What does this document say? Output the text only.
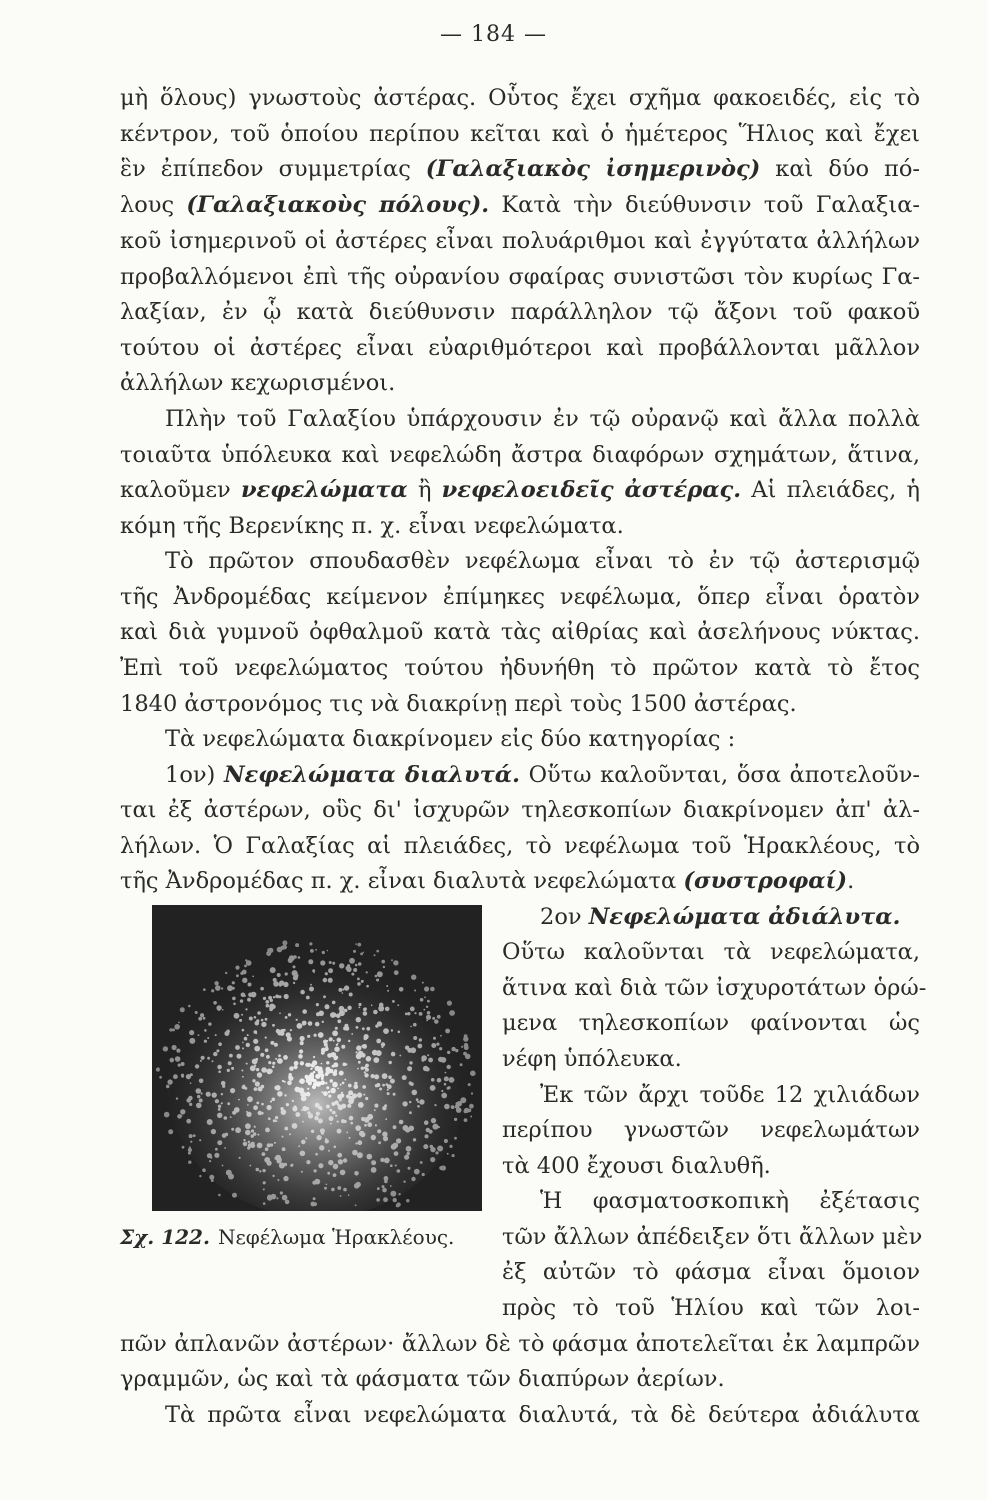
— 184 —
μὴ ὅλους) γνωστοὺς ἀστέρας. Οὗτος ἔχει σχῆμα φακοειδές, εἰς τὸ
κέντρον, τοῦ ὁποίου περίπου κεῖται καὶ ὁ ἡμέτερος Ἥλιος καὶ ἔχει
ἓν ἐπίπεδον συμμετρίας (Γαλαξιακὸς ἰσημερινὸς) καὶ δύο πό-
λους (Γαλαξιακοὺς πόλους). Κατὰ τὴν διεύθυνσιν τοῦ Γαλαξια-
κοῦ ἰσημερινοῦ οἱ ἀστέρες εἶναι πολυάριθμοι καὶ ἐγγύτατα ἀλλήλων
προβαλλόμενοι ἐπὶ τῆς οὐρανίου σφαίρας συνιστῶσι τὸν κυρίως Γα-
λαξίαν, ἐν ᾧ κατὰ διεύθυνσιν παράλληλον τῷ ἄξονι τοῦ φακοῦ
τούτου οἱ ἀστέρες εἶναι εὐαριθμότεροι καὶ προβάλλονται μᾶλλον
ἀλλήλων κεχωρισμένοι.
Πλὴν τοῦ Γαλαξίου ὑπάρχουσιν ἐν τῷ οὐρανῷ καὶ ἄλλα πολλὰ
τοιαῦτα ὑπόλευκα καὶ νεφελώδη ἄστρα διαφόρων σχημάτων, ἅτινα,
καλοῦμεν νεφελώματα ἢ νεφελοειδεῖς ἀστέρας. Αἱ πλειάδες, ἡ
κόμη τῆς Βερενίκης π. χ. εἶναι νεφελώματα.
Τὸ πρῶτον σπουδασθὲν νεφέλωμα εἶναι τὸ ἐν τῷ ἀστερισμῷ
τῆς Ἀνδρομέδας κείμενον ἐπίμηκες νεφέλωμα, ὅπερ εἶναι ὁρατὸν
καὶ διὰ γυμνοῦ ὀφθαλμοῦ κατὰ τὰς αἰθρίας καὶ ἀσελήνους νύκτας.
Ἐπὶ τοῦ νεφελώματος τούτου ἠδυνήθη τὸ πρῶτον κατὰ τὸ ἔτος
1840 ἀστρονόμος τις νὰ διακρίνῃ περὶ τοὺς 1500 ἀστέρας.
Τὰ νεφελώματα διακρίνομεν εἰς δύο κατηγορίας :
1ον) Νεφελώματα διαλυτά. Οὕτω καλοῦνται, ὅσα ἀποτελοῦν-
ται ἐξ ἀστέρων, οὓς δι' ἰσχυρῶν τηλεσκοπίων διακρίνομεν ἀπ' ἀλ-
λήλων. Ὁ Γαλαξίας αἱ πλειάδες, τὸ νεφέλωμα τοῦ Ἡρακλέους, τὸ
τῆς Ἀνδρομέδας π. χ. εἶναι διαλυτὰ νεφελώματα (συστροφαί).
2ον Νεφελώματα ἀδιάλυτα.
Οὕτω καλοῦνται τὰ νεφελώματα,
ἅτινα καὶ διὰ τῶν ἰσχυροτάτων ὁρώ-
μενα τηλεσκοπίων φαίνονται ὡς
νέφη ὑπόλευκα.
Ἐκ τῶν ἄρχι τοῦδε 12 χιλιάδων
περίπου γνωστῶν νεφελωμάτων
τὰ 400 ἔχουσι διαλυθῆ.
Ἡ φασματοσκοπικὴ ἐξέτασις
τῶν ἄλλων ἀπέδειξεν ὅτι ἄλλων μὲν
ἐξ αὐτῶν τὸ φάσμα εἶναι ὅμοιον
πρὸς τὸ τοῦ Ἡλίου καὶ τῶν λοι-
πῶν ἀπλανῶν ἀστέρων· ἄλλων δὲ τὸ φάσμα ἀποτελεῖται ἐκ λαμπρῶν
γραμμῶν, ὡς καὶ τὰ φάσματα τῶν διαπύρων ἀερίων.
Τὰ πρῶτα εἶναι νεφελώματα διαλυτά, τὰ δὲ δεύτερα ἀδιάλυτα
Σχ. 122. Νεφέλωμα Ἡρακλέους.
